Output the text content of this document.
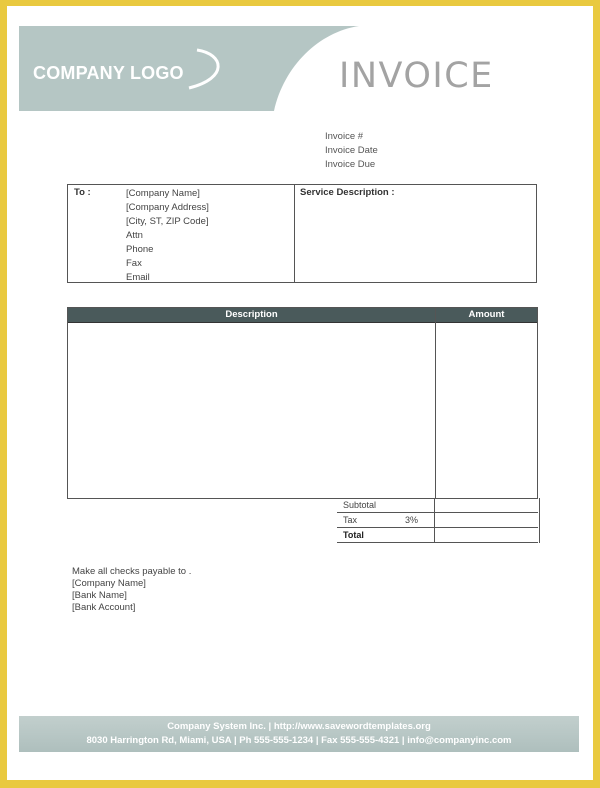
COMPANY LOGO	INVOICE
Invoice #
Invoice Date
Invoice Due
To :	[Company Name]
[Company Address]
[City, ST, ZIP Code]
Attn
Phone
Fax
Email
Service Description :
Description	Amount
Subtotal
Tax	3%
Total
Make all checks payable to .
[Company Name]
[Bank Name]
[Bank Account]
Company System Inc. | http://www.savewordtemplates.org
8030 Harrington Rd, Miami, USA | Ph 555-555-1234 | Fax 555-555-4321 | info@companyinc.com
